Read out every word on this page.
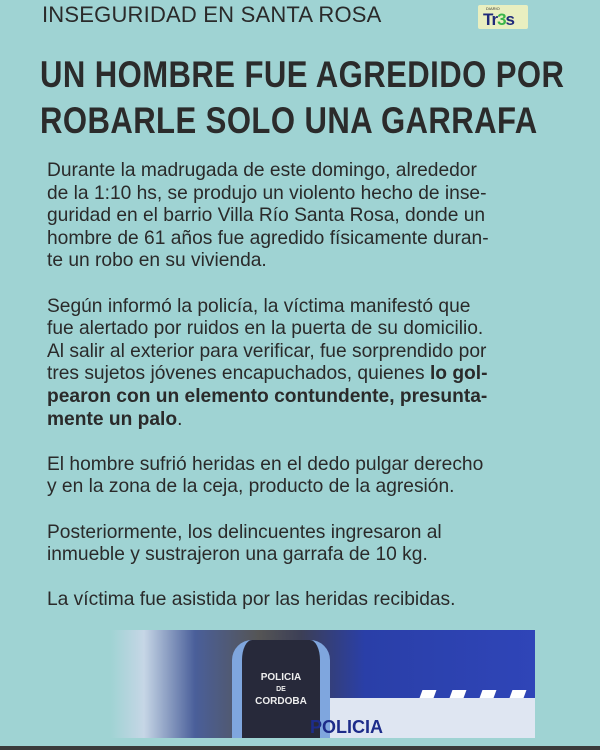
INSEGURIDAD EN SANTA ROSA	DIARIO
Tr3s
UN HOMBRE FUE AGREDIDO POR
ROBARLE SOLO UNA GARRAFA
Durante la madrugada de este domingo, alrededor
de la 1:10 hs, se produjo un violento hecho de inse-
guridad en el barrio Villa Río Santa Rosa, donde un
hombre de 61 años fue agredido físicamente duran-
te un robo en su vivienda.
Según informó la policía, la víctima manifestó que
fue alertado por ruidos en la puerta de su domicilio.
Al salir al exterior para verificar, fue sorprendido por
tres sujetos jóvenes encapuchados, quienes lo gol-
pearon con un elemento contundente, presunta-
mente un palo.
El hombre sufrió heridas en el dedo pulgar derecho
y en la zona de la ceja, producto de la agresión.
Posteriormente, los delincuentes ingresaron al
inmueble y sustrajeron una garrafa de 10 kg.
La víctima fue asistida por las heridas recibidas.
POLICIA
DE
CORDOBA
POLICIA
